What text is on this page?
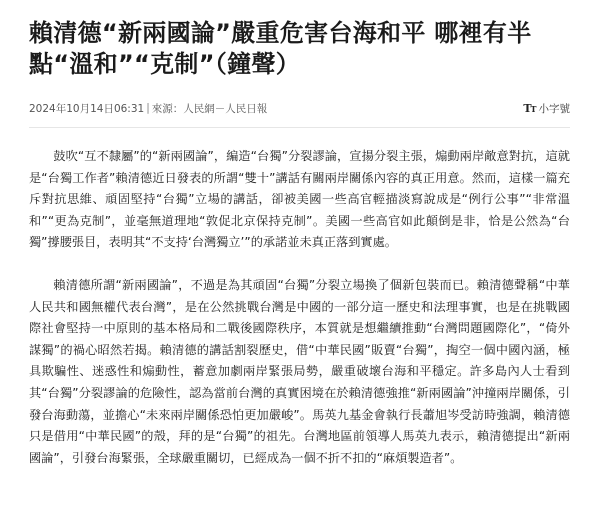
賴清德“新兩國論”嚴重危害台海和平 哪裡有半點“溫和”“克制”（鐘聲）
2024年10月14日06:31 | 來源：人民網－人民日報	TT 小字號

鼓吹“互不隸屬”的“新兩國論”，編造“台獨”分裂謬論，宣揚分裂主張，煽動兩岸敵意對抗，這就是“台獨工作者”賴清德近日發表的所謂“雙十”講話有關兩岸關係內容的真正用意。然而，這樣一篇充斥對抗思維、頑固堅持“台獨”立場的講話，卻被美國一些高官輕描淡寫說成是“例行公事”“非常溫和”“更為克制”，並毫無道理地“敦促北京保持克制”。美國一些高官如此顛倒是非，恰是公然為“台獨”撐腰張目，表明其“不支持‘台灣獨立’”的承諾並未真正落到實處。

賴清德所謂“新兩國論”，不過是為其頑固“台獨”分裂立場換了個新包裝而已。賴清德聲稱“中華人民共和國無權代表台灣”，是在公然挑戰台灣是中國的一部分這一歷史和法理事實，也是在挑戰國際社會堅持一中原則的基本格局和二戰後國際秩序，本質就是想繼續推動“台灣問題國際化”，“倚外謀獨”的禍心昭然若揭。賴清德的講話割裂歷史，借“中華民國”販賣“台獨”，掏空一個中國內涵，極具欺騙性、迷惑性和煽動性，蓄意加劇兩岸緊張局勢，嚴重破壞台海和平穩定。許多島內人士看到其“台獨”分裂謬論的危險性，認為當前台灣的真實困境在於賴清德強推“新兩國論”沖撞兩岸關係，引發台海動蕩，並擔心“未來兩岸關係恐怕更加嚴峻”。馬英九基金會執行長蕭旭岑受訪時強調，賴清德只是借用“中華民國”的殼，拜的是“台獨”的祖先。台灣地區前領導人馬英九表示，賴清德提出“新兩國論”，引發台海緊張，全球嚴重關切，已經成為一個不折不扣的“麻煩製造者”。
